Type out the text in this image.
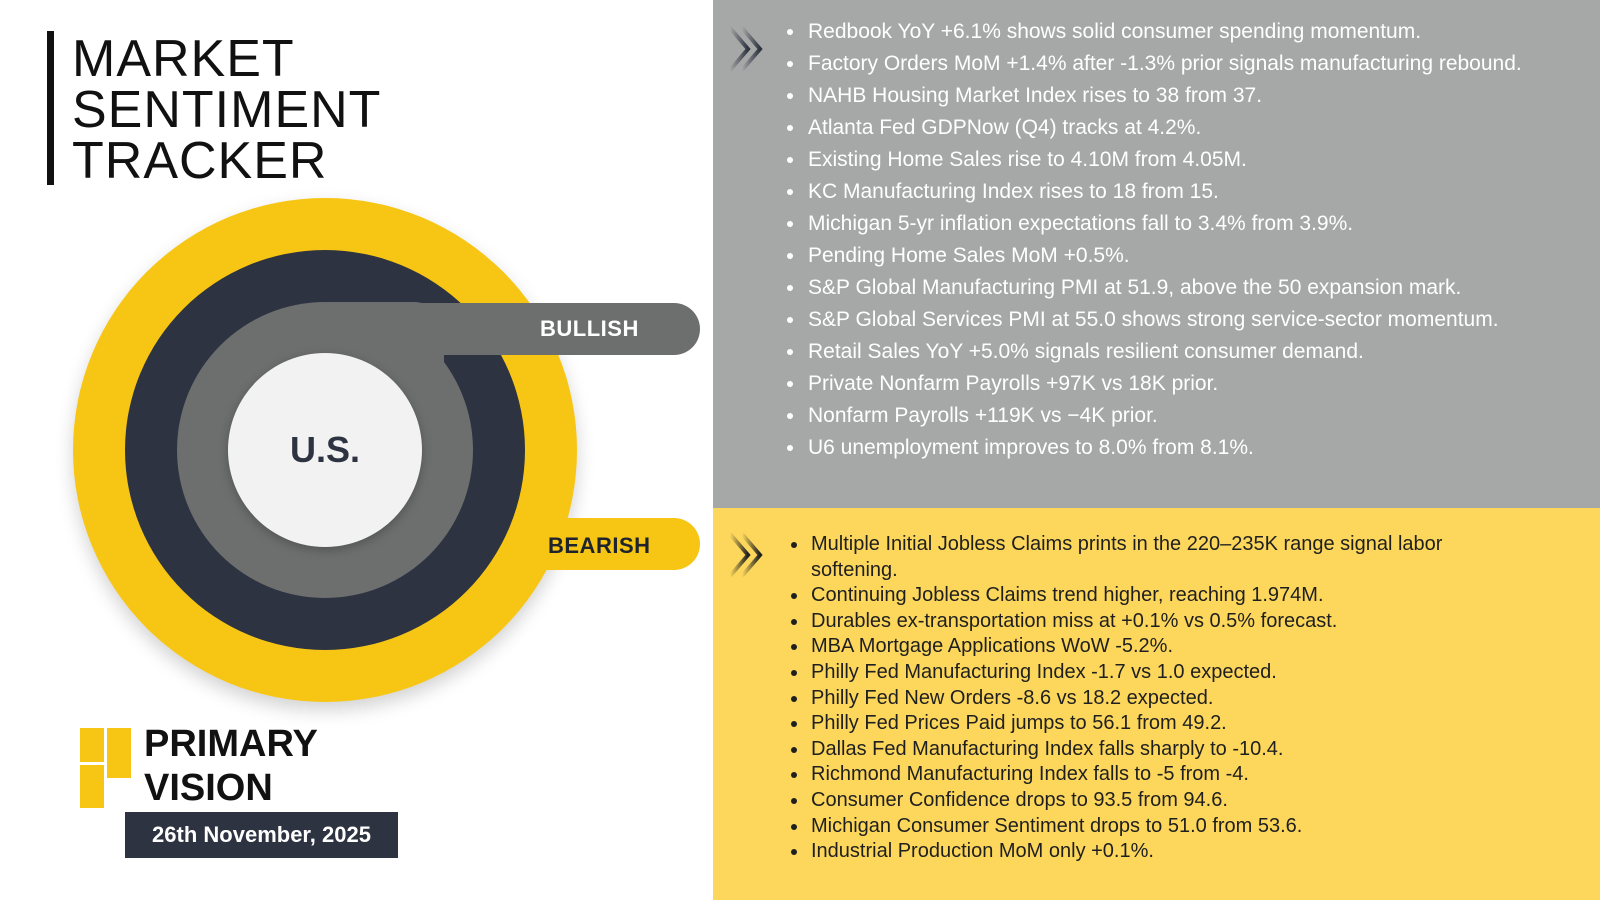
MARKET
SENTIMENT
TRACKER
U.S.
BULLISH
BEARISH
PRIMARY
VISION
26th November, 2025
• Redbook YoY +6.1% shows solid consumer spending momentum.
• Factory Orders MoM +1.4% after -1.3% prior signals manufacturing rebound.
• NAHB Housing Market Index rises to 38 from 37.
• Atlanta Fed GDPNow (Q4) tracks at 4.2%.
• Existing Home Sales rise to 4.10M from 4.05M.
• KC Manufacturing Index rises to 18 from 15.
• Michigan 5-yr inflation expectations fall to 3.4% from 3.9%.
• Pending Home Sales MoM +0.5%.
• S&P Global Manufacturing PMI at 51.9, above the 50 expansion mark.
• S&P Global Services PMI at 55.0 shows strong service-sector momentum.
• Retail Sales YoY +5.0% signals resilient consumer demand.
• Private Nonfarm Payrolls +97K vs 18K prior.
• Nonfarm Payrolls +119K vs −4K prior.
• U6 unemployment improves to 8.0% from 8.1%.
• Multiple Initial Jobless Claims prints in the 220–235K range signal labor softening.
• Continuing Jobless Claims trend higher, reaching 1.974M.
• Durables ex-transportation miss at +0.1% vs 0.5% forecast.
• MBA Mortgage Applications WoW -5.2%.
• Philly Fed Manufacturing Index -1.7 vs 1.0 expected.
• Philly Fed New Orders -8.6 vs 18.2 expected.
• Philly Fed Prices Paid jumps to 56.1 from 49.2.
• Dallas Fed Manufacturing Index falls sharply to -10.4.
• Richmond Manufacturing Index falls to -5 from -4.
• Consumer Confidence drops to 93.5 from 94.6.
• Michigan Consumer Sentiment drops to 51.0 from 53.6.
• Industrial Production MoM only +0.1%.
